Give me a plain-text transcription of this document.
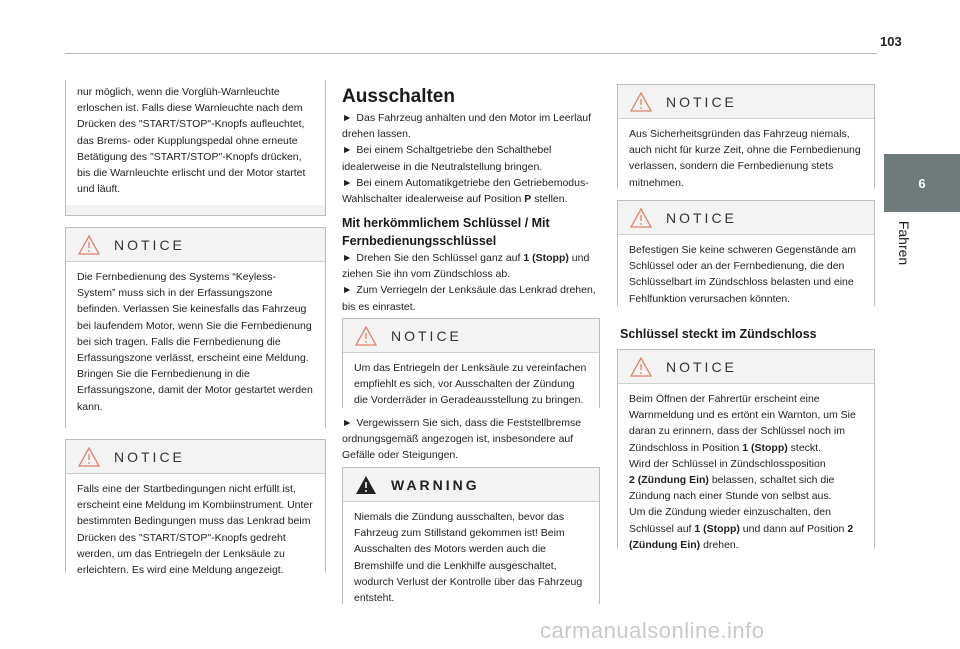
103
6
Fahren
nur möglich, wenn die Vorglüh-Warnleuchte erloschen ist. Falls diese Warnleuchte nach dem Drücken des "START/STOP"-Knopfs aufleuchtet, das Brems- oder Kupplungspedal ohne erneute Betätigung des "START/STOP"-Knopfs drücken, bis die Warnleuchte erlischt und der Motor startet und läuft.
NOTICE
Die Fernbedienung des Systems “Keyless-System” muss sich in der Erfassungszone befinden. Verlassen Sie keinesfalls das Fahrzeug bei laufendem Motor, wenn Sie die Fernbedienung bei sich tragen. Falls die Fernbedienung die Erfassungszone verlässt, erscheint eine Meldung. Bringen Sie die Fernbedienung in die Erfassungszone, damit der Motor gestartet werden kann.
NOTICE
Falls eine der Startbedingungen nicht erfüllt ist, erscheint eine Meldung im Kombiinstrument. Unter bestimmten Bedingungen muss das Lenkrad beim Drücken des "START/STOP"-Knopfs gedreht werden, um das Entriegeln der Lenksäule zu erleichtern. Es wird eine Meldung angezeigt.
Ausschalten
► Das Fahrzeug anhalten und den Motor im Leerlauf drehen lassen.
► Bei einem Schaltgetriebe den Schalthebel idealerweise in die Neutralstellung bringen.
► Bei einem Automatikgetriebe den Getriebemodus-Wahlschalter idealerweise auf Position P stellen.
Mit herkömmlichem Schlüssel / Mit Fernbedienungsschlüssel
► Drehen Sie den Schlüssel ganz auf 1 (Stopp) und ziehen Sie ihn vom Zündschloss ab.
► Zum Verriegeln der Lenksäule das Lenkrad drehen, bis es einrastet.
NOTICE
Um das Entriegeln der Lenksäule zu vereinfachen empfiehlt es sich, vor Ausschalten der Zündung die Vorderräder in Geradeausstellung zu bringen.
► Vergewissern Sie sich, dass die Feststellbremse ordnungsgemäß angezogen ist, insbesondere auf Gefälle oder Steigungen.
WARNING
Niemals die Zündung ausschalten, bevor das Fahrzeug zum Stillstand gekommen ist! Beim Ausschalten des Motors werden auch die Bremshilfe und die Lenkhilfe ausgeschaltet, wodurch Verlust der Kontrolle über das Fahrzeug entsteht.
NOTICE
Aus Sicherheitsgründen das Fahrzeug niemals, auch nicht für kurze Zeit, ohne die Fernbedienung verlassen, sondern die Fernbedienung stets mitnehmen.
NOTICE
Befestigen Sie keine schweren Gegenstände am Schlüssel oder an der Fernbedienung, die den Schlüsselbart im Zündschloss belasten und eine Fehlfunktion verursachen könnten.
Schlüssel steckt im Zündschloss
NOTICE
Beim Öffnen der Fahrertür erscheint eine Warnmeldung und es ertönt ein Warnton, um Sie daran zu erinnern, dass der Schlüssel noch im Zündschloss in Position 1 (Stopp) steckt.
Wird der Schlüssel in Zündschlossposition
2 (Zündung Ein) belassen, schaltet sich die Zündung nach einer Stunde von selbst aus.
Um die Zündung wieder einzuschalten, den Schlüssel auf 1 (Stopp) und dann auf Position 2 (Zündung Ein) drehen.
carmanualsonline.info
